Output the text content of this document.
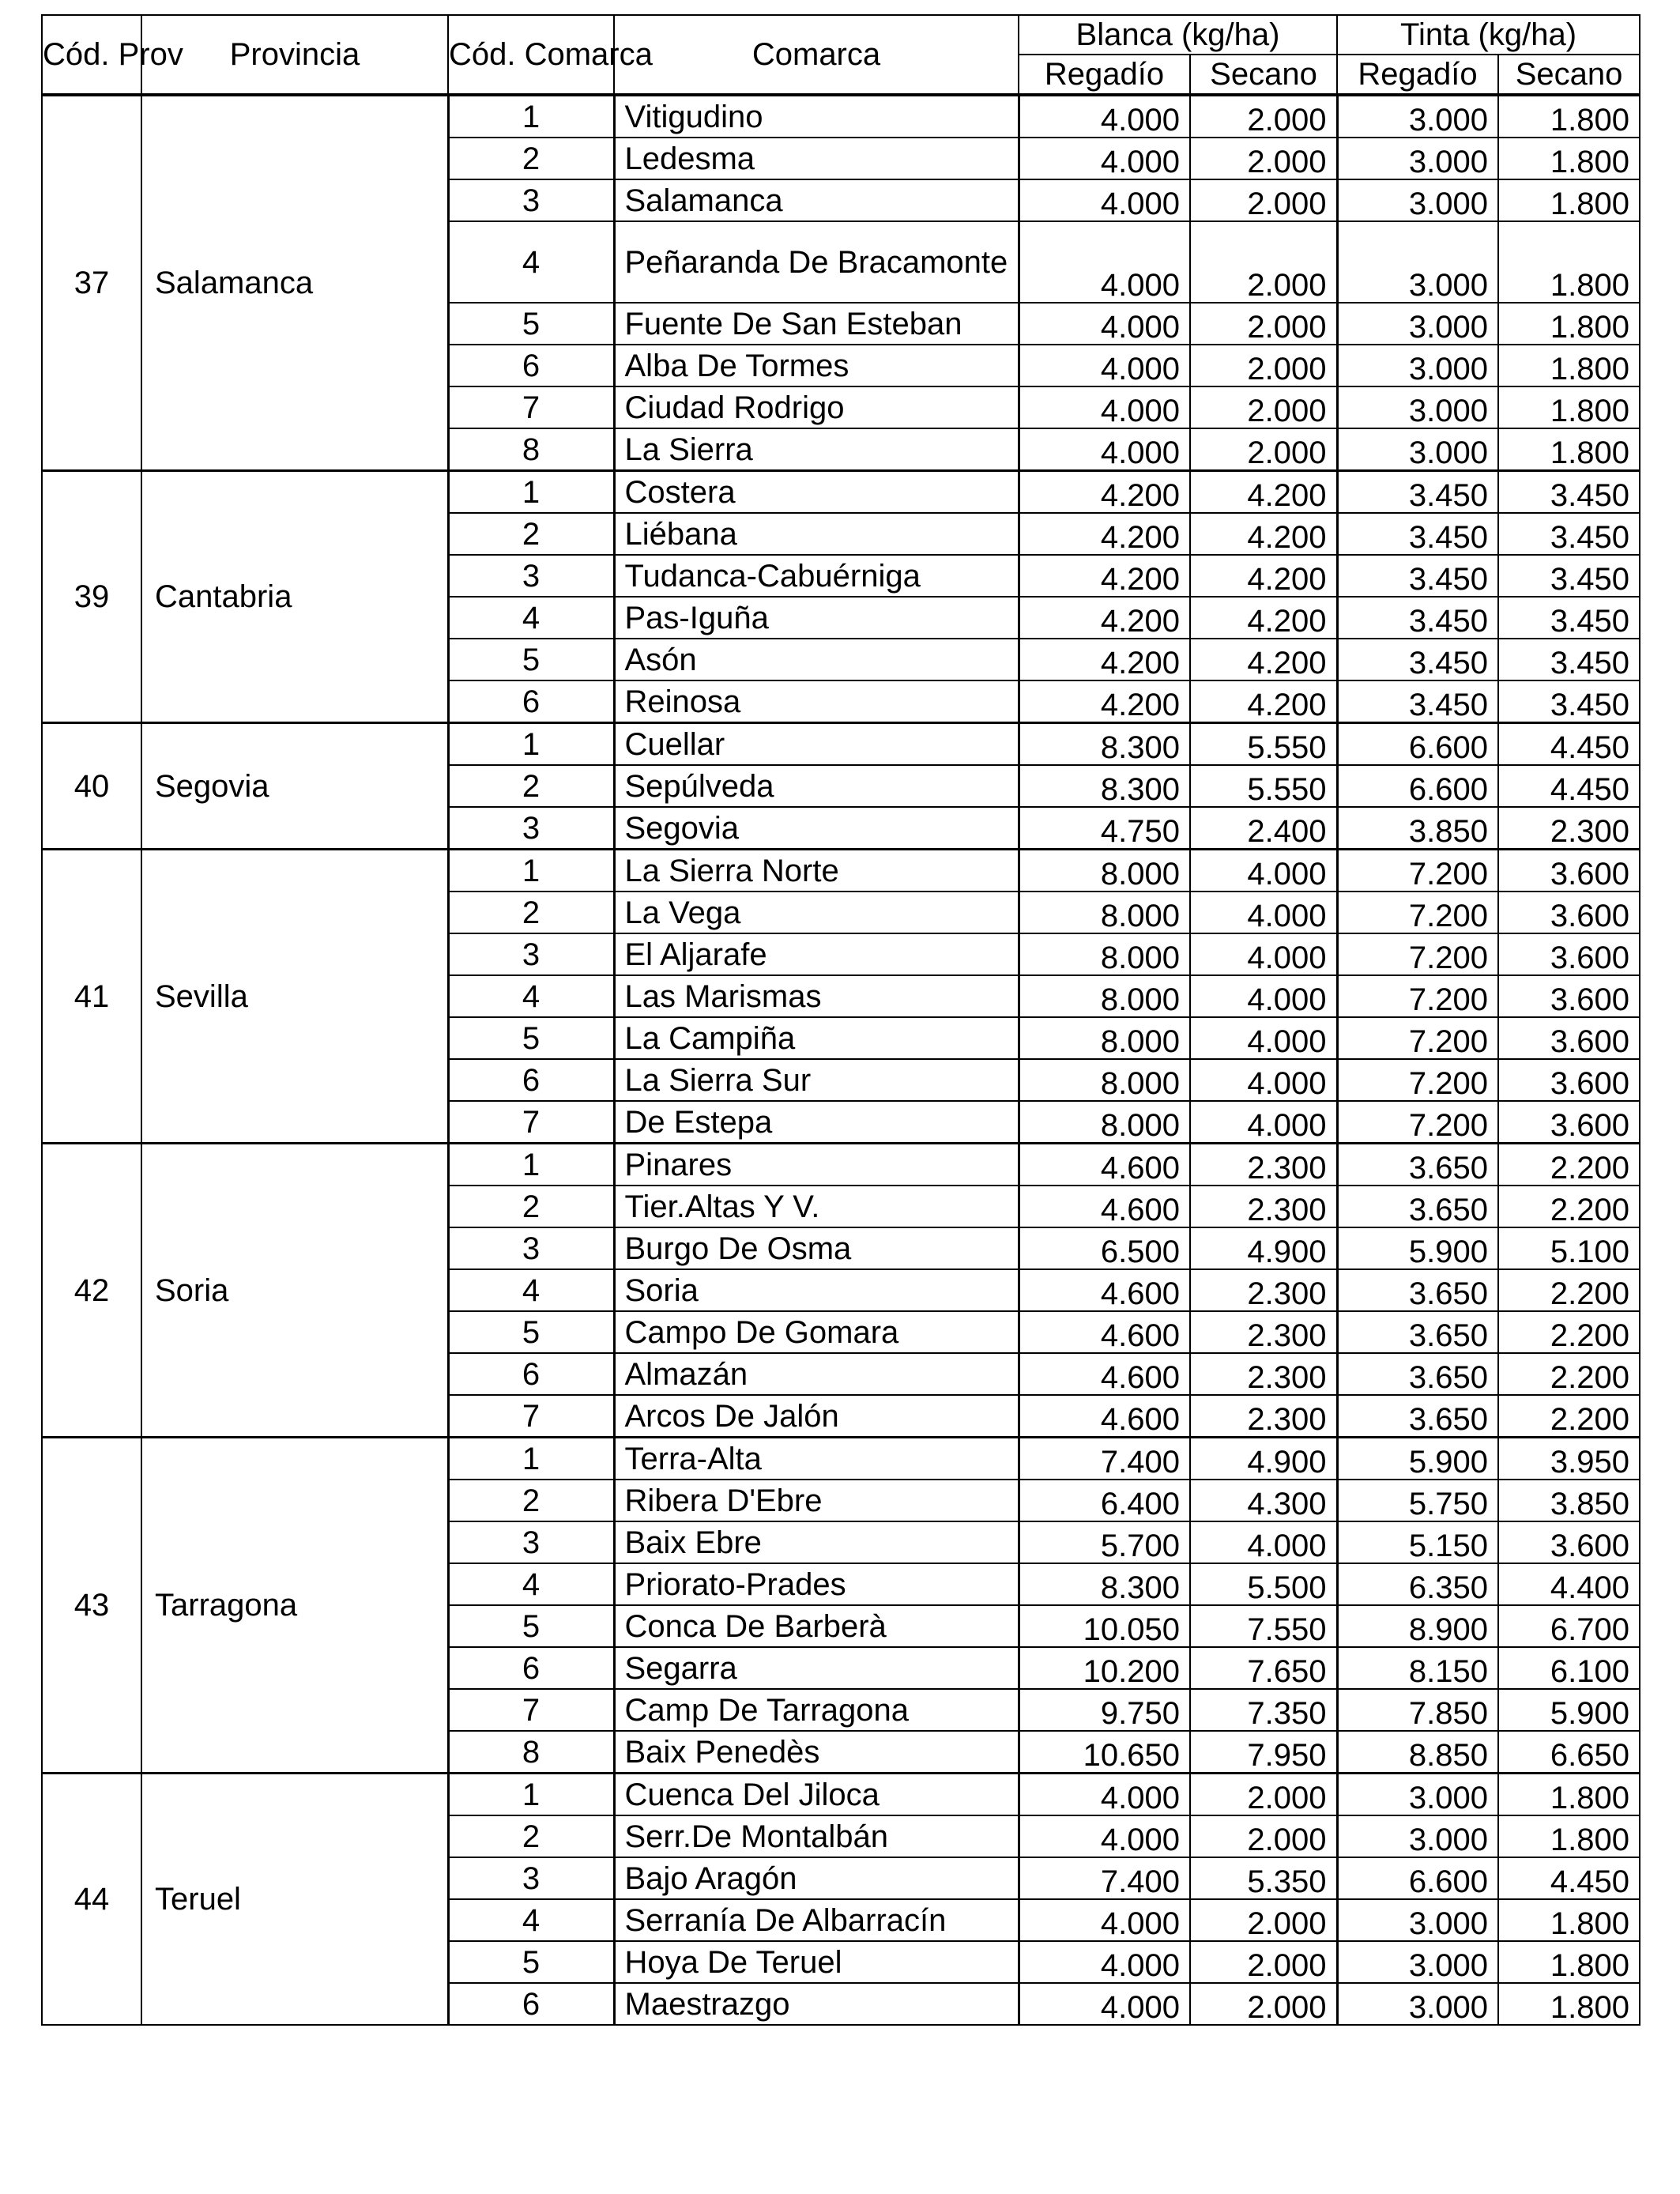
Cód. Prov	Provincia	Cód. Comarca	Comarca	Blanca (kg/ha)		Tinta (kg/ha)	
				Regadío	Secano	Regadío	Secano
37	Salamanca	1	Vitigudino	4.000	2.000	3.000	1.800
		2	Ledesma	4.000	2.000	3.000	1.800
		3	Salamanca	4.000	2.000	3.000	1.800
		4	Peñaranda De Bracamonte	4.000	2.000	3.000	1.800
		5	Fuente De San Esteban	4.000	2.000	3.000	1.800
		6	Alba De Tormes	4.000	2.000	3.000	1.800
		7	Ciudad Rodrigo	4.000	2.000	3.000	1.800
		8	La Sierra	4.000	2.000	3.000	1.800
39	Cantabria	1	Costera	4.200	4.200	3.450	3.450
		2	Liébana	4.200	4.200	3.450	3.450
		3	Tudanca-Cabuérniga	4.200	4.200	3.450	3.450
		4	Pas-Iguña	4.200	4.200	3.450	3.450
		5	Asón	4.200	4.200	3.450	3.450
		6	Reinosa	4.200	4.200	3.450	3.450
40	Segovia	1	Cuellar	8.300	5.550	6.600	4.450
		2	Sepúlveda	8.300	5.550	6.600	4.450
		3	Segovia	4.750	2.400	3.850	2.300
41	Sevilla	1	La Sierra Norte	8.000	4.000	7.200	3.600
		2	La Vega	8.000	4.000	7.200	3.600
		3	El Aljarafe	8.000	4.000	7.200	3.600
		4	Las Marismas	8.000	4.000	7.200	3.600
		5	La Campiña	8.000	4.000	7.200	3.600
		6	La Sierra Sur	8.000	4.000	7.200	3.600
		7	De Estepa	8.000	4.000	7.200	3.600
42	Soria	1	Pinares	4.600	2.300	3.650	2.200
		2	Tier.Altas Y V.	4.600	2.300	3.650	2.200
		3	Burgo De Osma	6.500	4.900	5.900	5.100
		4	Soria	4.600	2.300	3.650	2.200
		5	Campo De Gomara	4.600	2.300	3.650	2.200
		6	Almazán	4.600	2.300	3.650	2.200
		7	Arcos De Jalón	4.600	2.300	3.650	2.200
43	Tarragona	1	Terra-Alta	7.400	4.900	5.900	3.950
		2	Ribera D'Ebre	6.400	4.300	5.750	3.850
		3	Baix Ebre	5.700	4.000	5.150	3.600
		4	Priorato-Prades	8.300	5.500	6.350	4.400
		5	Conca De Barberà	10.050	7.550	8.900	6.700
		6	Segarra	10.200	7.650	8.150	6.100
		7	Camp De Tarragona	9.750	7.350	7.850	5.900
		8	Baix Penedès	10.650	7.950	8.850	6.650
44	Teruel	1	Cuenca Del Jiloca	4.000	2.000	3.000	1.800
		2	Serr.De Montalbán	4.000	2.000	3.000	1.800
		3	Bajo Aragón	7.400	5.350	6.600	4.450
		4	Serranía De Albarracín	4.000	2.000	3.000	1.800
		5	Hoya De Teruel	4.000	2.000	3.000	1.800
		6	Maestrazgo	4.000	2.000	3.000	1.800
